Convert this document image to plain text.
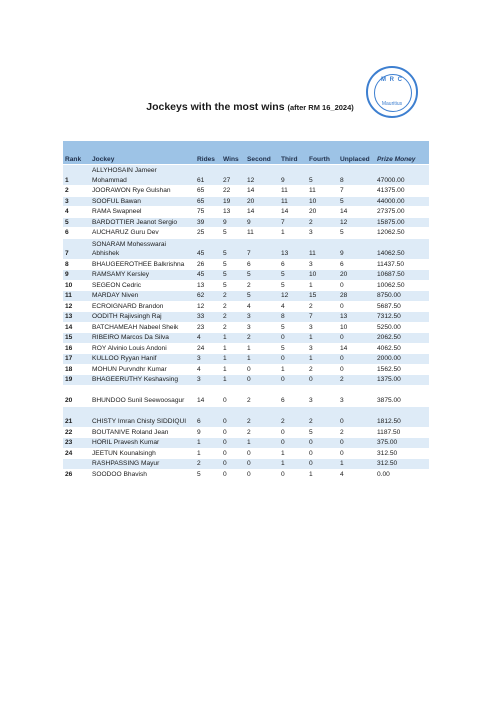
M R C
Mauritius
Jockeys with the most wins (after RM 16_2024)
Rank	Jockey	Rides	Wins	Second	Third	Fourth	Unplaced	Prize Money
1	ALLYHOSAIN Jameer Mohammad	61	27	12	9	5	8	47000.00
2	JOORAWON Rye Gulshan	65	22	14	11	11	7	41375.00
3	SOOFUL Bawan	65	19	20	11	10	5	44000.00
4	RAMA Swapneel	75	13	14	14	20	14	27375.00
5	BARDOTTIER Jeanot Sergio	39	9	9	7	2	12	15875.00
6	AUCHARUZ Guru Dev	25	5	11	1	3	5	12062.50
7	SONARAM Mohesswarai Abhishek	45	5	7	13	11	9	14062.50
8	BHAUGEEROTHEE Balkrishna	26	5	6	6	3	6	11437.50
9	RAMSAMY Kersley	45	5	5	5	10	20	10687.50
10	SEGEON Cedric	13	5	2	5	1	0	10062.50
11	MARDAY Niven	62	2	5	12	15	28	8750.00
12	ECROIGNARD Brandon	12	2	4	4	2	0	5687.50
13	OODITH Rajivsingh Raj	33	2	3	8	7	13	7312.50
14	BATCHAMEAH Nabeel Sheik	23	2	3	5	3	10	5250.00
15	RIBEIRO Marcos Da Silva	4	1	2	0	1	0	2062.50
16	ROY Alvinio Louis Andoni	24	1	1	5	3	14	4062.50
17	KULLOO Ryyan Hanif	3	1	1	0	1	0	2000.00
18	MOHUN Purvndhr Kumar	4	1	0	1	2	0	1562.50
19	BHAGEERUTHY Keshavsing	3	1	0	0	0	2	1375.00
20	BHUNDOO Sunil Seewoosagur	14	0	2	6	3	3	3875.00
21	CHISTY Imran Chisty SIDDIQUI	6	0	2	2	2	0	1812.50
22	BOUTANIVE Roland Jean	9	0	2	0	5	2	1187.50
23	HORIL Pravesh Kumar	1	0	1	0	0	0	375.00
24	JEETUN Kounalsingh	1	0	0	1	0	0	312.50
	RASHPASSING Mayur	2	0	0	1	0	1	312.50
26	SOODOO Bhavish	5	0	0	0	1	4	0.00
